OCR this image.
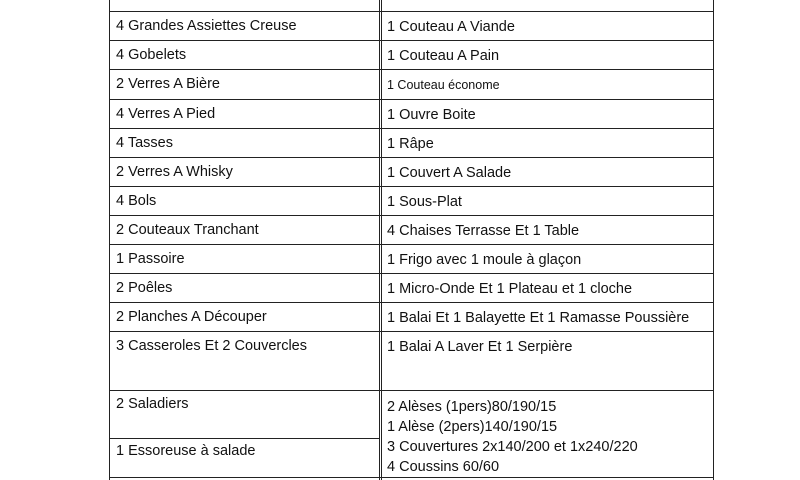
4 Grandes Assiettes Creuse
4 Gobelets
2 Verres A Bière
4 Verres A Pied
4 Tasses
2 Verres A Whisky
4 Bols
2 Couteaux Tranchant
1 Passoire
2 Poêles
2 Planches A Découper
3 Casseroles Et 2 Couvercles
2 Saladiers
1 Essoreuse à salade
1 Couteau A Viande
1 Couteau A Pain
1 Couteau économe
1 Ouvre Boite
1 Râpe
1 Couvert A Salade
1 Sous-Plat
4 Chaises Terrasse Et 1 Table
1 Frigo avec 1 moule à glaçon
1 Micro-Onde Et 1 Plateau et 1 cloche
1 Balai Et 1 Balayette Et 1 Ramasse Poussière
1 Balai A Laver Et 1 Serpière
2 Alèses (1pers)80/190/15
1 Alèse (2pers)140/190/15
3 Couvertures 2x140/200 et 1x240/220
4 Coussins 60/60
